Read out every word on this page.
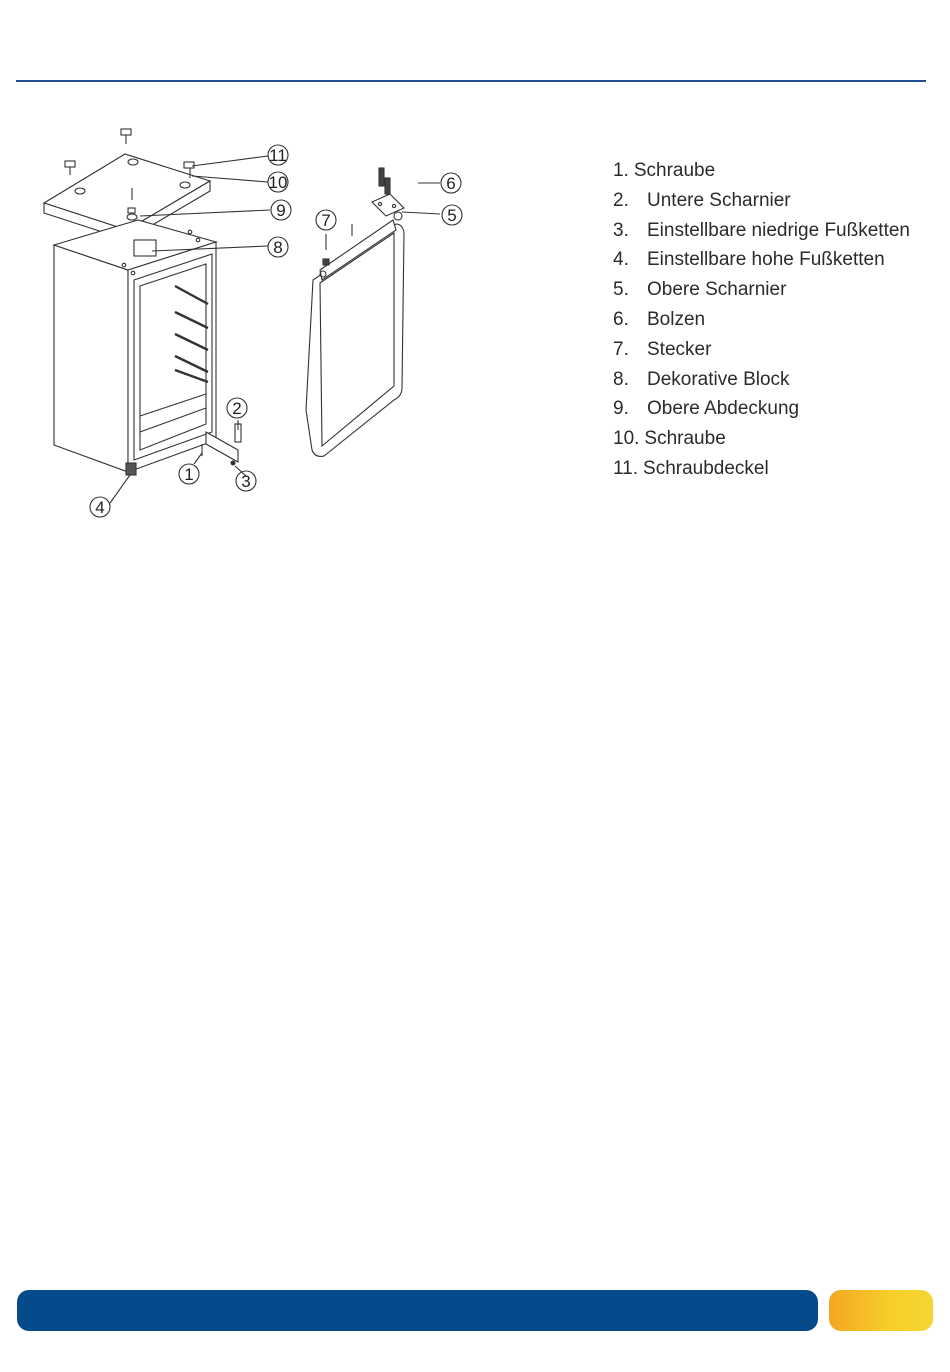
11
10
9
8
7
6
5
4
3
2
1
1. Schraube
2. Untere Scharnier
3. Einstellbare niedrige Fußketten
4. Einstellbare hohe Fußketten
5. Obere Scharnier
6. Bolzen
7. Stecker
8. Dekorative Block
9. Obere Abdeckung
10. Schraube
11. Schraubdeckel
